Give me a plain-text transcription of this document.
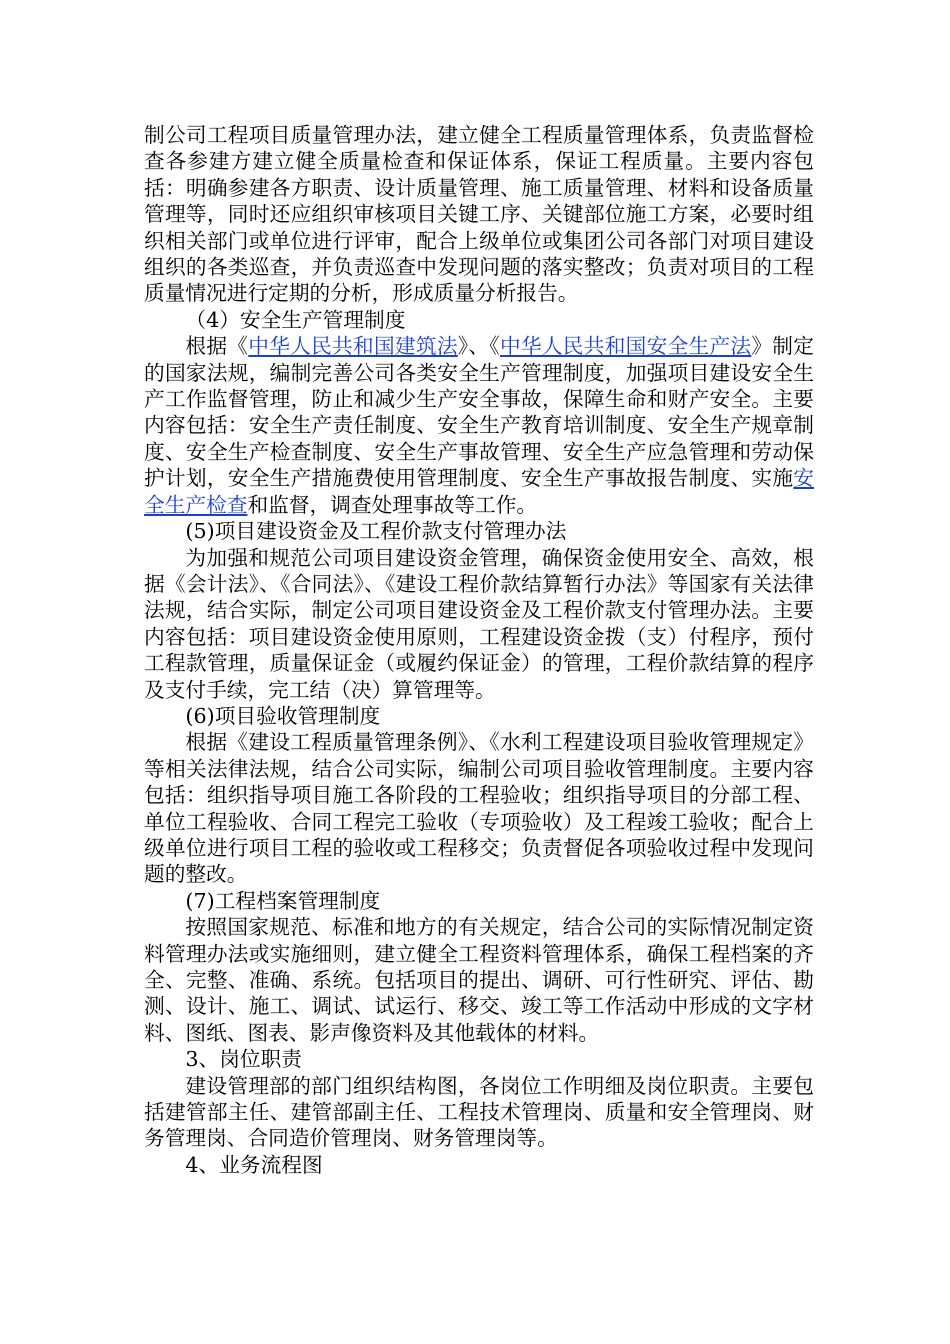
制公司工程项目质量管理办法，建立健全工程质量管理体系，负责监督检查各参建方建立健全质量检查和保证体系，保证工程质量。主要内容包括：明确参建各方职责、设计质量管理、施工质量管理、材料和设备质量管理等，同时还应组织审核项目关键工序、关键部位施工方案，必要时组织相关部门或单位进行评审，配合上级单位或集团公司各部门对项目建设组织的各类巡查，并负责巡查中发现问题的落实整改；负责对项目的工程质量情况进行定期的分析，形成质量分析报告。

（4）安全生产管理制度

根据《中华人民共和国建筑法》、《中华人民共和国安全生产法》制定的国家法规，编制完善公司各类安全生产管理制度，加强项目建设安全生产工作监督管理，防止和减少生产安全事故，保障生命和财产安全。主要内容包括：安全生产责任制度、安全生产教育培训制度、安全生产规章制度、安全生产检查制度、安全生产事故管理、安全生产应急管理和劳动保护计划，安全生产措施费使用管理制度、安全生产事故报告制度、实施安全生产检查和监督，调查处理事故等工作。

(5)项目建设资金及工程价款支付管理办法

为加强和规范公司项目建设资金管理，确保资金使用安全、高效，根据《会计法》、《合同法》、《建设工程价款结算暂行办法》等国家有关法律法规，结合实际，制定公司项目建设资金及工程价款支付管理办法。主要内容包括：项目建设资金使用原则，工程建设资金拨（支）付程序，预付工程款管理，质量保证金（或履约保证金）的管理，工程价款结算的程序及支付手续，完工结（决）算管理等。

(6)项目验收管理制度

根据《建设工程质量管理条例》、《水利工程建设项目验收管理规定》等相关法律法规，结合公司实际，编制公司项目验收管理制度。主要内容包括：组织指导项目施工各阶段的工程验收；组织指导项目的分部工程、单位工程验收、合同工程完工验收（专项验收）及工程竣工验收；配合上级单位进行项目工程的验收或工程移交；负责督促各项验收过程中发现问题的整改。

(7)工程档案管理制度

按照国家规范、标准和地方的有关规定，结合公司的实际情况制定资料管理办法或实施细则，建立健全工程资料管理体系，确保工程档案的齐全、完整、准确、系统。包括项目的提出、调研、可行性研究、评估、勘测、设计、施工、调试、试运行、移交、竣工等工作活动中形成的文字材料、图纸、图表、影声像资料及其他载体的材料。

3、岗位职责

建设管理部的部门组织结构图，各岗位工作明细及岗位职责。主要包括建管部主任、建管部副主任、工程技术管理岗、质量和安全管理岗、财务管理岗、合同造价管理岗、财务管理岗等。

4、业务流程图
